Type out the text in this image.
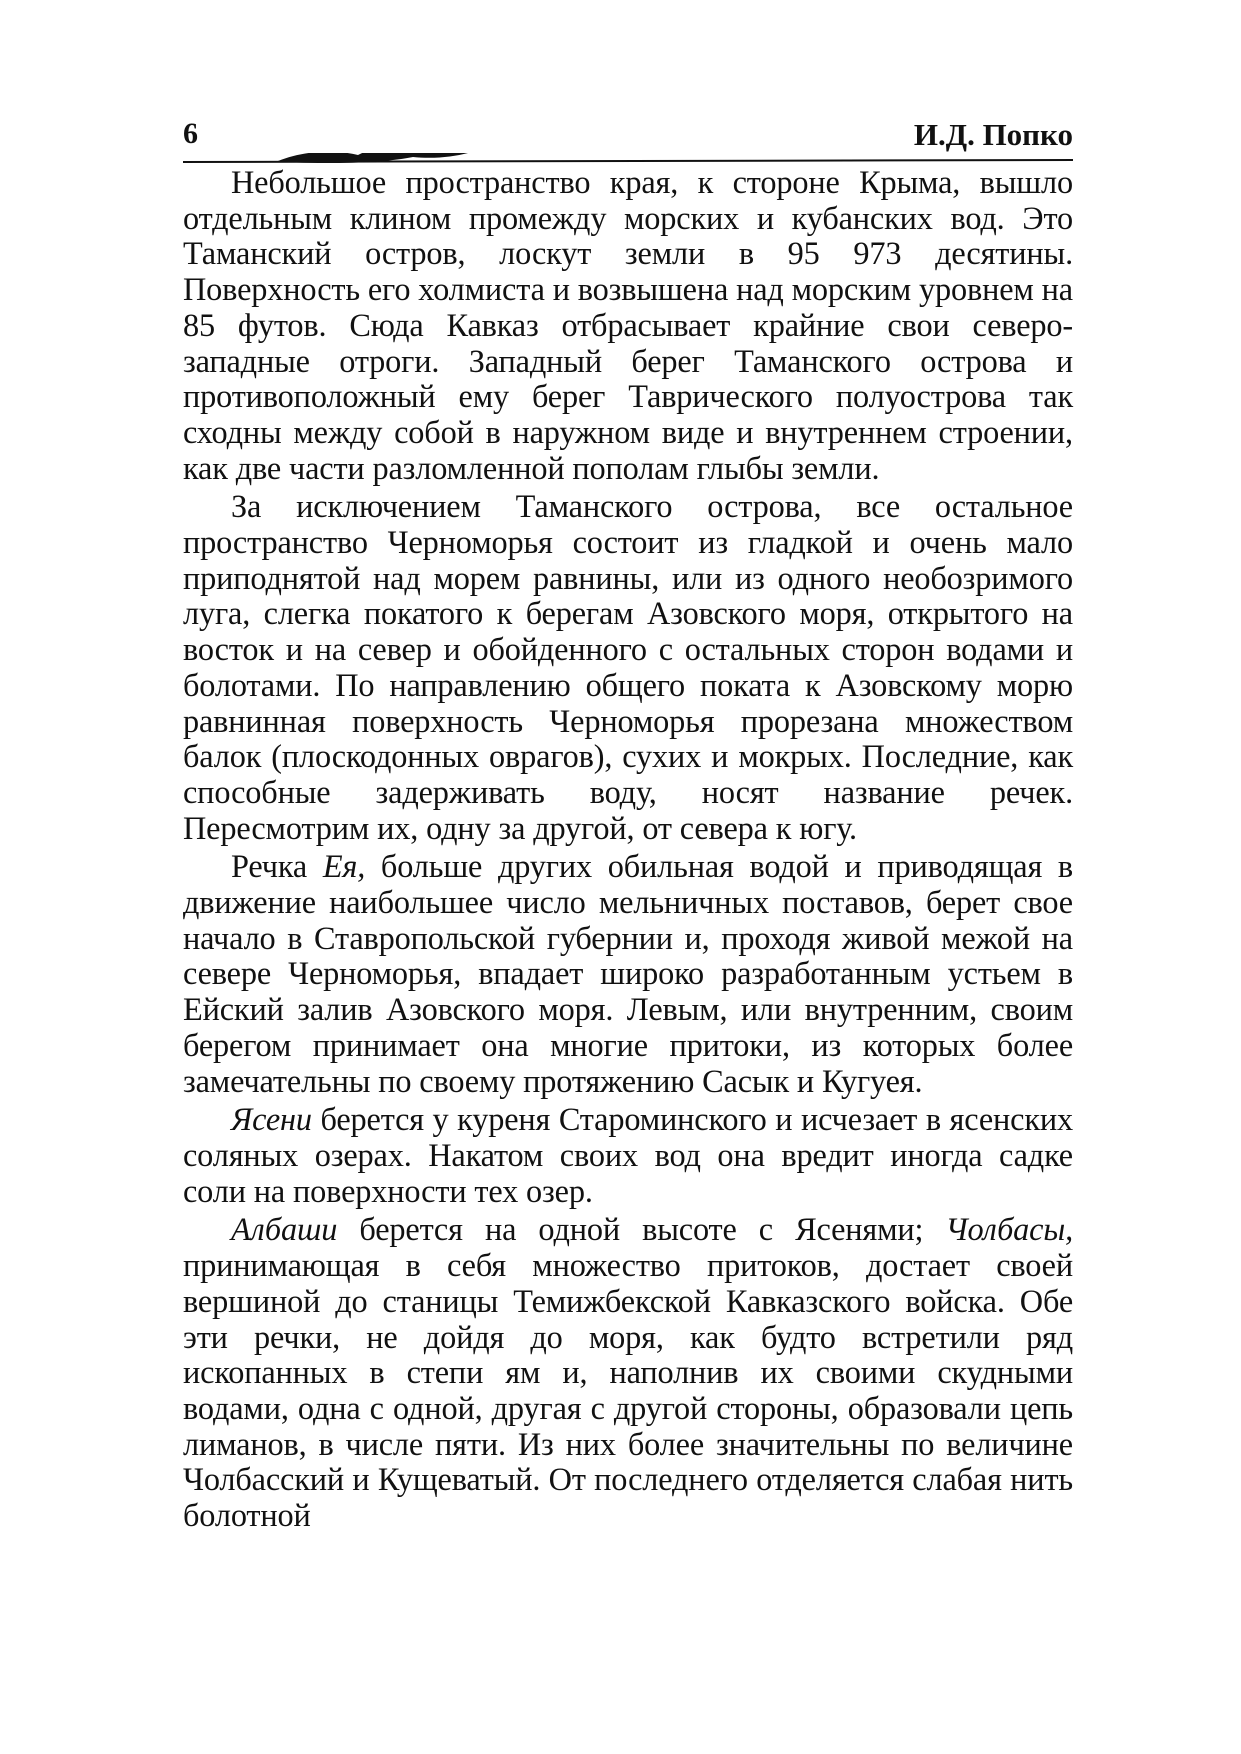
6	И.Д. Попко

Небольшое пространство края, к стороне Крыма, вышло отдельным клином промежду морских и кубанских вод. Это Таманский остров, лоскут земли в 95 973 десятины. Поверхность его холмиста и возвышена над морским уровнем на 85 футов. Сюда Кавказ отбрасывает крайние свои северо-западные отроги. Западный берег Таманского острова и противоположный ему берег Таврического полуострова так сходны между собой в наружном виде и внутреннем строении, как две части разломленной пополам глыбы земли.

За исключением Таманского острова, все остальное пространство Черноморья состоит из гладкой и очень мало приподнятой над морем равнины, или из одного необозримого луга, слегка покатого к берегам Азовского моря, открытого на восток и на север и обойденного с остальных сторон водами и болотами. По направлению общего поката к Азовскому морю равнинная поверхность Черноморья прорезана множеством балок (плоскодонных оврагов), сухих и мокрых. Последние, как способные задерживать воду, носят название речек. Пересмотрим их, одну за другой, от севера к югу.

Речка Ея, больше других обильная водой и приводящая в движение наибольшее число мельничных поставов, берет свое начало в Ставропольской губернии и, проходя живой межой на севере Черноморья, впадает широко разработанным устьем в Ейский залив Азовского моря. Левым, или внутренним, своим берегом принимает она многие притоки, из которых более замечательны по своему протяжению Сасык и Кугуея.

Ясени берется у куреня Староминского и исчезает в ясенских соляных озерах. Накатом своих вод она вредит иногда садке соли на поверхности тех озер.

Албаши берется на одной высоте с Ясенями; Чолбасы, принимающая в себя множество притоков, достает своей вершиной до станицы Темижбекской Кавказского войска. Обе эти речки, не дойдя до моря, как будто встретили ряд ископанных в степи ям и, наполнив их своими скудными водами, одна с одной, другая с другой стороны, образовали цепь лиманов, в числе пяти. Из них более значительны по величине Чолбасский и Кущеватый. От последнего отделяется слабая нить болотной
